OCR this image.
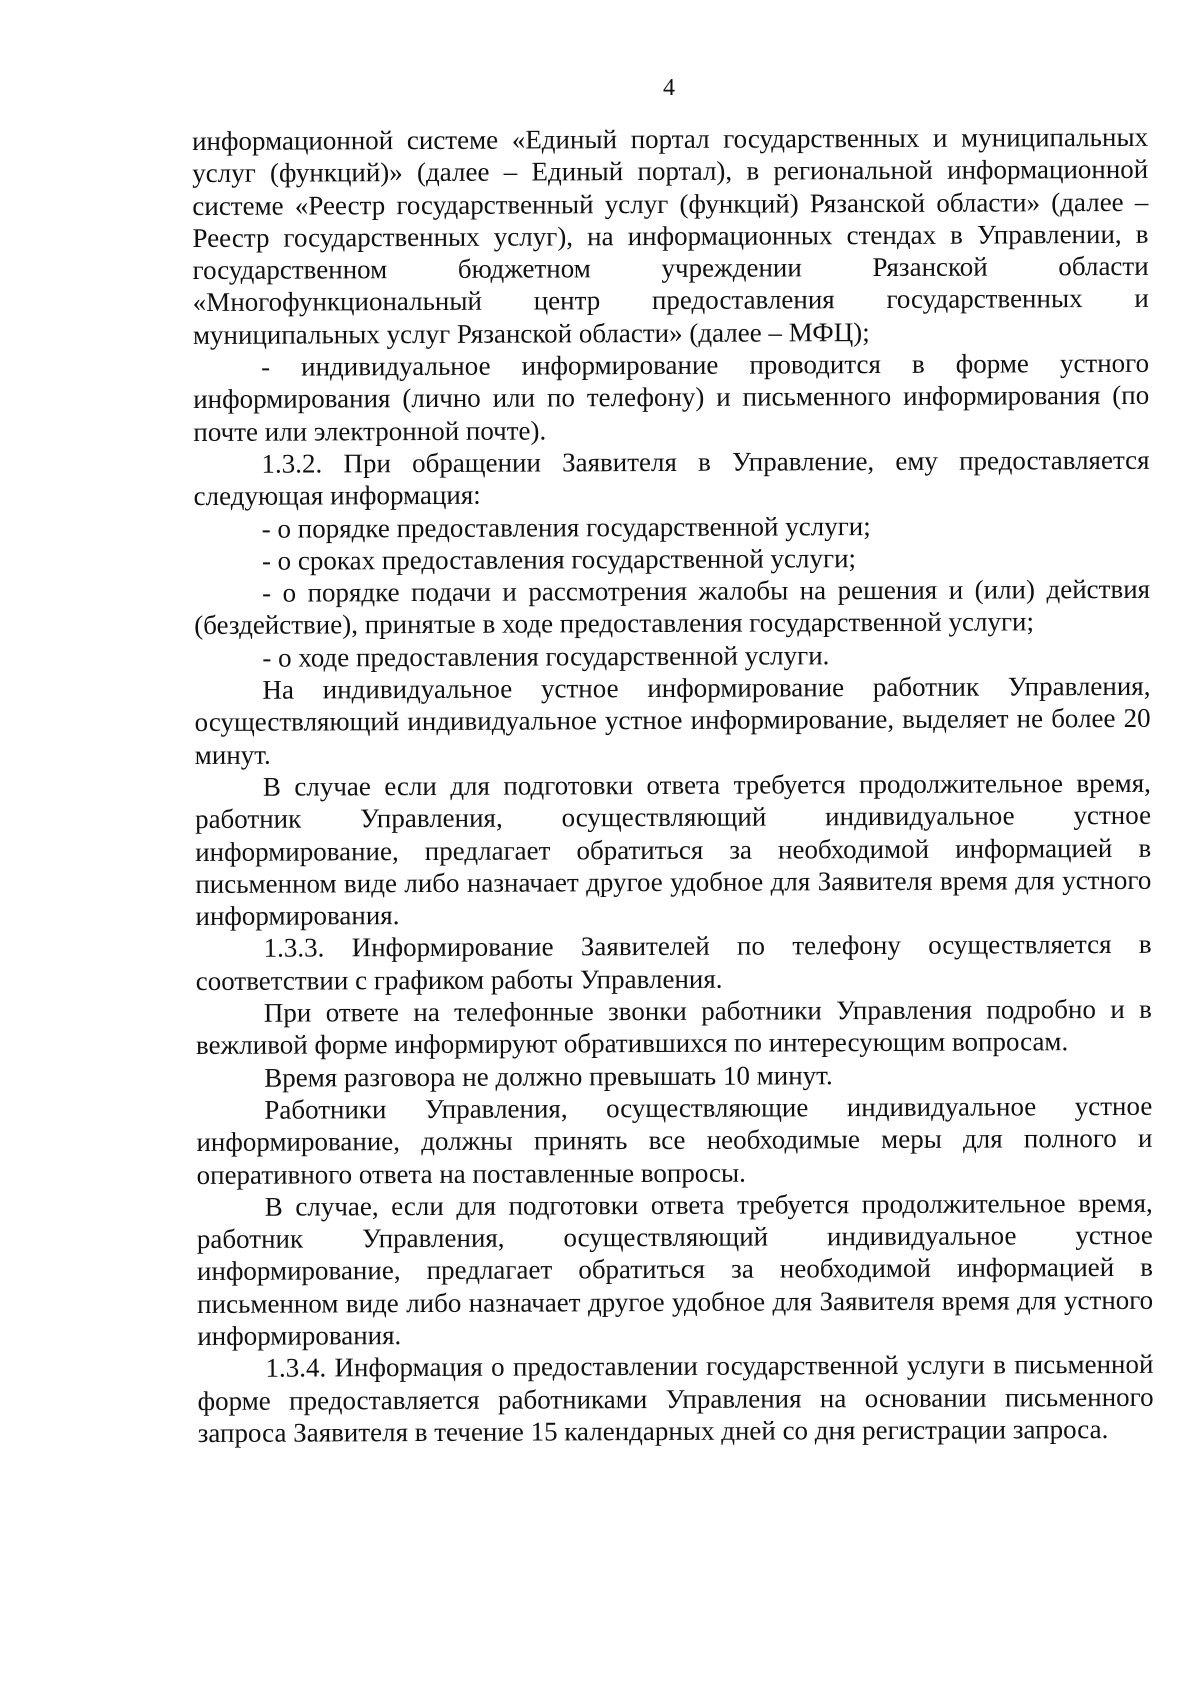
4

информационной системе «Единый портал государственных и муниципальных услуг (функций)» (далее – Единый портал), в региональной информационной системе «Реестр государственный услуг (функций) Рязанской области» (далее – Реестр государственных услуг), на информационных стендах в Управлении, в государственном бюджетном учреждении Рязанской области «Многофункциональный центр предоставления государственных и муниципальных услуг Рязанской области» (далее – МФЦ);

- индивидуальное информирование проводится в форме устного информирования (лично или по телефону) и письменного информирования (по почте или электронной почте).

1.3.2. При обращении Заявителя в Управление, ему предоставляется следующая информация:

- о порядке предоставления государственной услуги;

- о сроках предоставления государственной услуги;

- о порядке подачи и рассмотрения жалобы на решения и (или) действия (бездействие), принятые в ходе предоставления государственной услуги;

- о ходе предоставления государственной услуги.

На индивидуальное устное информирование работник Управления, осуществляющий индивидуальное устное информирование, выделяет не более 20 минут.

В случае если для подготовки ответа требуется продолжительное время, работник Управления, осуществляющий индивидуальное устное информирование, предлагает обратиться за необходимой информацией в письменном виде либо назначает другое удобное для Заявителя время для устного информирования.

1.3.3. Информирование Заявителей по телефону осуществляется в соответствии с графиком работы Управления.

При ответе на телефонные звонки работники Управления подробно и в вежливой форме информируют обратившихся по интересующим вопросам.

Время разговора не должно превышать 10 минут.

Работники Управления, осуществляющие индивидуальное устное информирование, должны принять все необходимые меры для полного и оперативного ответа на поставленные вопросы.

В случае, если для подготовки ответа требуется продолжительное время, работник Управления, осуществляющий индивидуальное устное информирование, предлагает обратиться за необходимой информацией в письменном виде либо назначает другое удобное для Заявителя время для устного информирования.

1.3.4. Информация о предоставлении государственной услуги в письменной форме предоставляется работниками Управления на основании письменного запроса Заявителя в течение 15 календарных дней со дня регистрации запроса.
